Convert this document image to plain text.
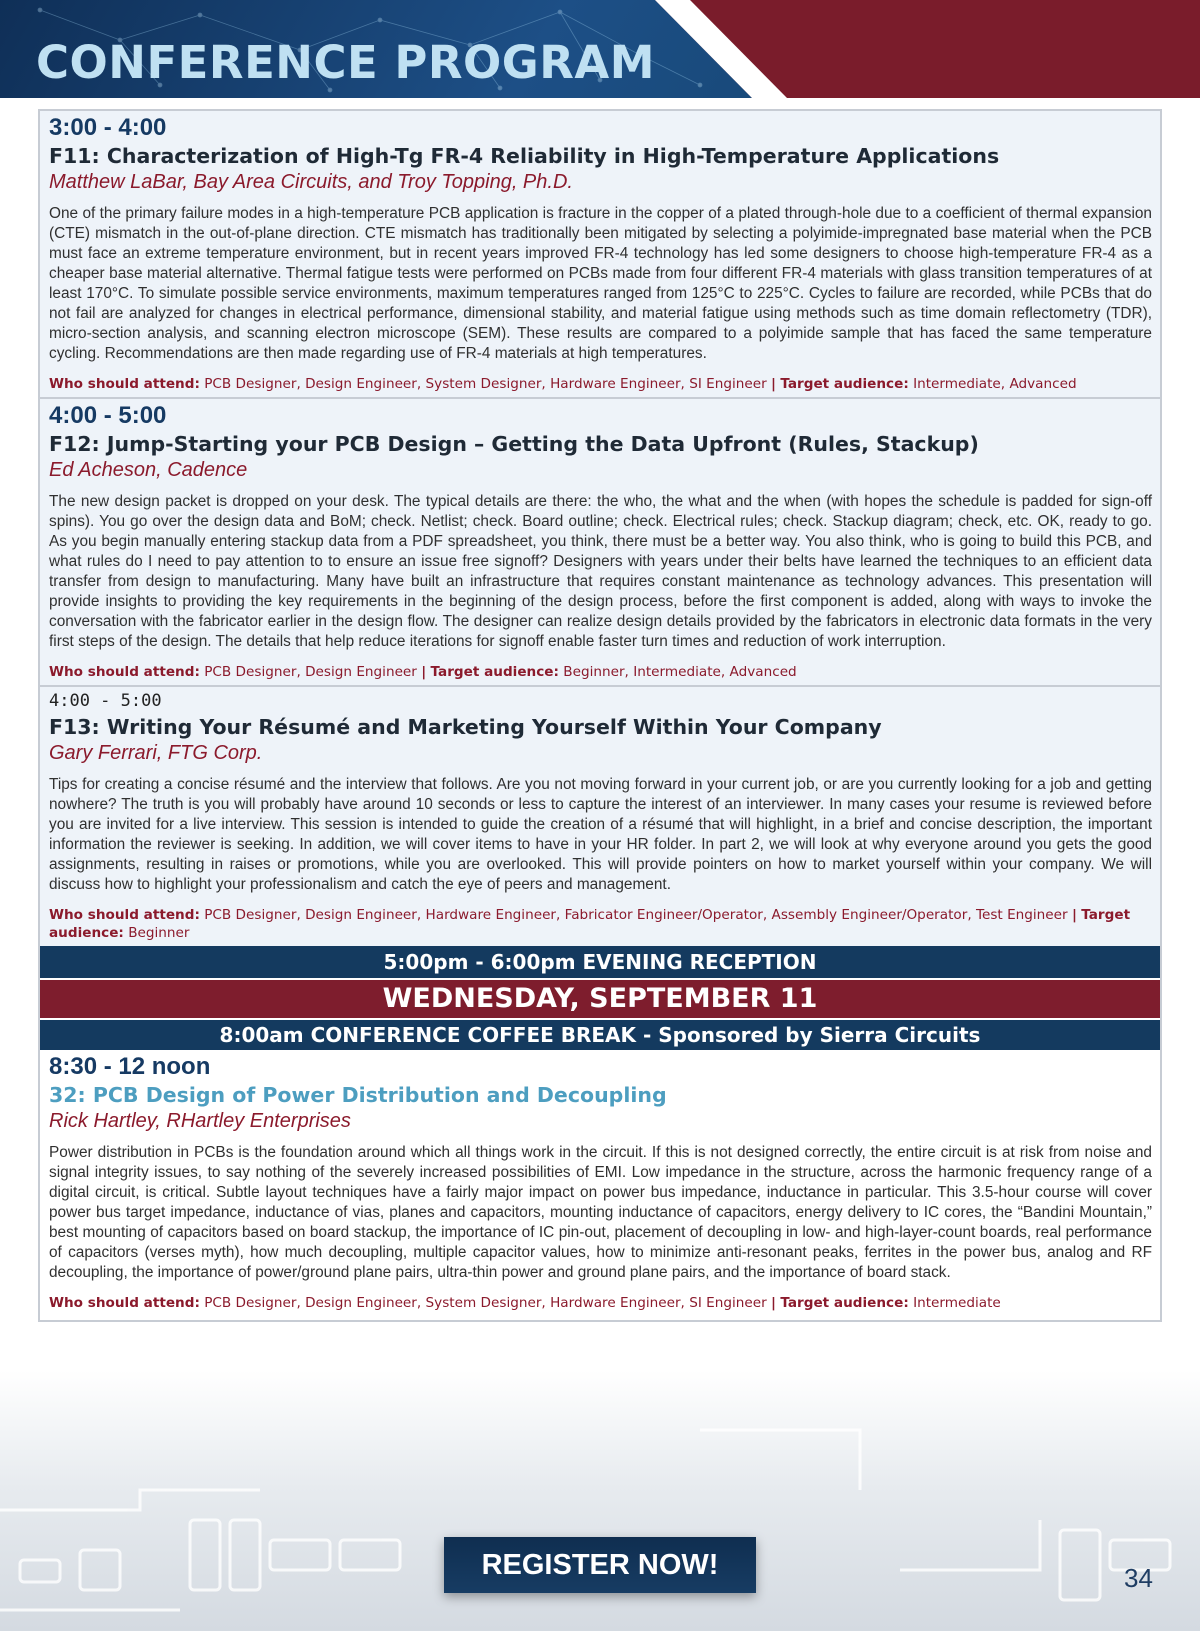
CONFERENCE PROGRAM
3:00 - 4:00
F11: Characterization of High-Tg FR-4 Reliability in High-Temperature Applications
Matthew LaBar, Bay Area Circuits, and Troy Topping, Ph.D.
One of the primary failure modes in a high-temperature PCB application is fracture in the copper of a plated through-hole due to a coefficient of thermal expansion (CTE) mismatch in the out-of-plane direction. CTE mismatch has traditionally been mitigated by selecting a polyimide-impregnated base material when the PCB must face an extreme temperature environment, but in recent years improved FR-4 technology has led some designers to choose high-temperature FR-4 as a cheaper base material alternative. Thermal fatigue tests were performed on PCBs made from four different FR-4 materials with glass transition temperatures of at least 170°C. To simulate possible service environments, maximum temperatures ranged from 125°C to 225°C. Cycles to failure are recorded, while PCBs that do not fail are analyzed for changes in electrical performance, dimensional stability, and material fatigue using methods such as time domain reflectometry (TDR), micro-section analysis, and scanning electron microscope (SEM). These results are compared to a polyimide sample that has faced the same temperature cycling. Recommendations are then made regarding use of FR-4 materials at high temperatures.
Who should attend: PCB Designer, Design Engineer, System Designer, Hardware Engineer, SI Engineer | Target audience: Intermediate, Advanced
4:00 - 5:00
F12: Jump-Starting your PCB Design – Getting the Data Upfront (Rules, Stackup)
Ed Acheson, Cadence
The new design packet is dropped on your desk. The typical details are there: the who, the what and the when (with hopes the schedule is padded for sign-off spins). You go over the design data and BoM; check. Netlist; check. Board outline; check. Electrical rules; check. Stackup diagram; check, etc. OK, ready to go. As you begin manually entering stackup data from a PDF spreadsheet, you think, there must be a better way. You also think, who is going to build this PCB, and what rules do I need to pay attention to to ensure an issue free signoff? Designers with years under their belts have learned the techniques to an efficient data transfer from design to manufacturing. Many have built an infrastructure that requires constant maintenance as technology advances. This presentation will provide insights to providing the key requirements in the beginning of the design process, before the first component is added, along with ways to invoke the conversation with the fabricator earlier in the design flow. The designer can realize design details provided by the fabricators in electronic data formats in the very first steps of the design. The details that help reduce iterations for signoff enable faster turn times and reduction of work interruption.
Who should attend: PCB Designer, Design Engineer | Target audience: Beginner, Intermediate, Advanced
4:00 - 5:00
F13: Writing Your Résumé and Marketing Yourself Within Your Company
Gary Ferrari, FTG Corp.
Tips for creating a concise résumé and the interview that follows. Are you not moving forward in your current job, or are you currently looking for a job and getting nowhere? The truth is you will probably have around 10 seconds or less to capture the interest of an interviewer. In many cases your resume is reviewed before you are invited for a live interview. This session is intended to guide the creation of a résumé that will highlight, in a brief and concise description, the important information the reviewer is seeking. In addition, we will cover items to have in your HR folder. In part 2, we will look at why everyone around you gets the good assignments, resulting in raises or promotions, while you are overlooked. This will provide pointers on how to market yourself within your company. We will discuss how to highlight your professionalism and catch the eye of peers and management.
Who should attend: PCB Designer, Design Engineer, Hardware Engineer, Fabricator Engineer/Operator, Assembly Engineer/Operator, Test Engineer | Target audience: Beginner
5:00pm - 6:00pm EVENING RECEPTION
WEDNESDAY, SEPTEMBER 11
8:00am CONFERENCE COFFEE BREAK - Sponsored by Sierra Circuits
8:30 - 12 noon
32: PCB Design of Power Distribution and Decoupling
Rick Hartley, RHartley Enterprises
Power distribution in PCBs is the foundation around which all things work in the circuit. If this is not designed correctly, the entire circuit is at risk from noise and signal integrity issues, to say nothing of the severely increased possibilities of EMI. Low impedance in the structure, across the harmonic frequency range of a digital circuit, is critical. Subtle layout techniques have a fairly major impact on power bus impedance, inductance in particular. This 3.5-hour course will cover power bus target impedance, inductance of vias, planes and capacitors, mounting inductance of capacitors, energy delivery to IC cores, the “Bandini Mountain,” best mounting of capacitors based on board stackup, the importance of IC pin-out, placement of decoupling in low- and high-layer-count boards, real performance of capacitors (verses myth), how much decoupling, multiple capacitor values, how to minimize anti-resonant peaks, ferrites in the power bus, analog and RF decoupling, the importance of power/ground plane pairs, ultra-thin power and ground plane pairs, and the importance of board stack.
Who should attend: PCB Designer, Design Engineer, System Designer, Hardware Engineer, SI Engineer | Target audience: Intermediate
REGISTER NOW!	34
